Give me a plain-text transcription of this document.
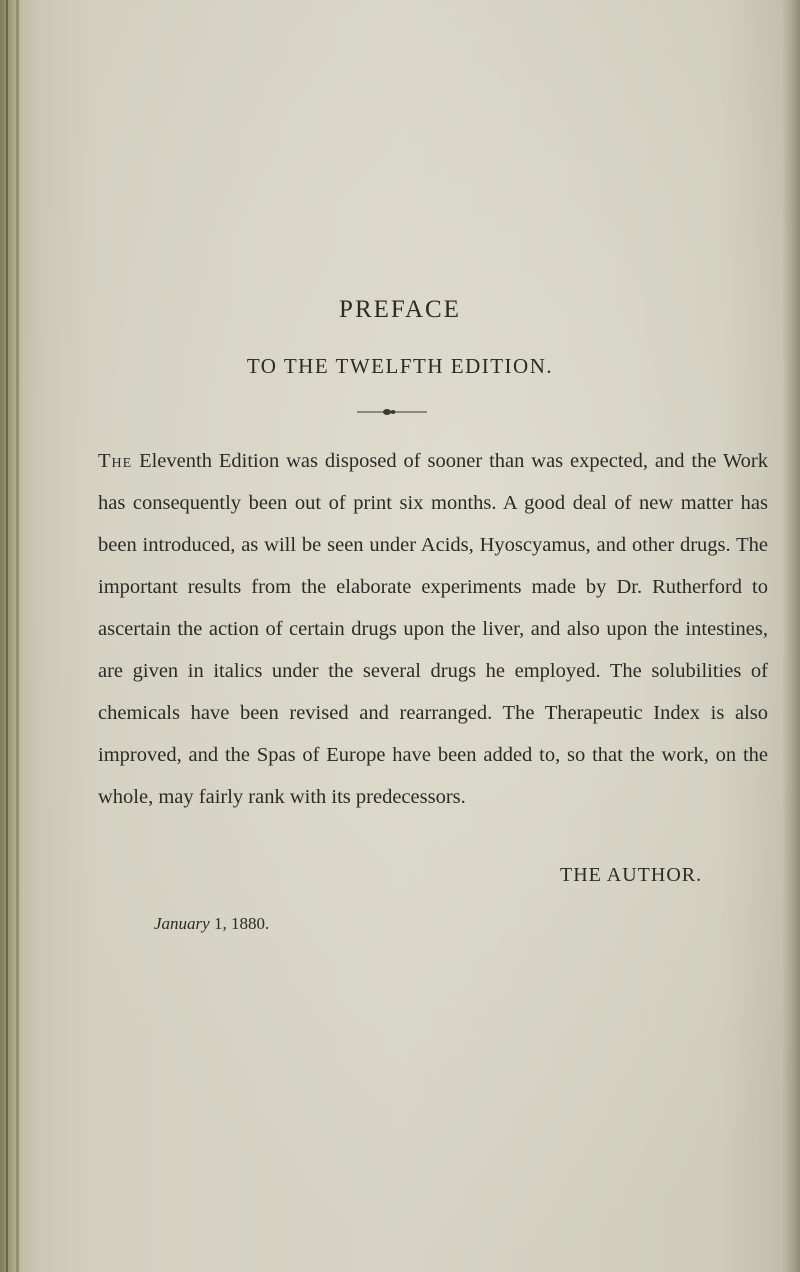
PREFACE
TO THE TWELFTH EDITION.

The Eleventh Edition was disposed of sooner than was expected, and the Work has consequently been out of print six months. A good deal of new matter has been introduced, as will be seen under Acids, Hyoscyamus, and other drugs. The important results from the elaborate experiments made by Dr. Rutherford to ascertain the action of certain drugs upon the liver, and also upon the intestines, are given in italics under the several drugs he employed. The solubilities of chemicals have been revised and rearranged. The Therapeutic Index is also improved, and the Spas of Europe have been added to, so that the work, on the whole, may fairly rank with its predecessors.

THE AUTHOR.
January 1, 1880.
